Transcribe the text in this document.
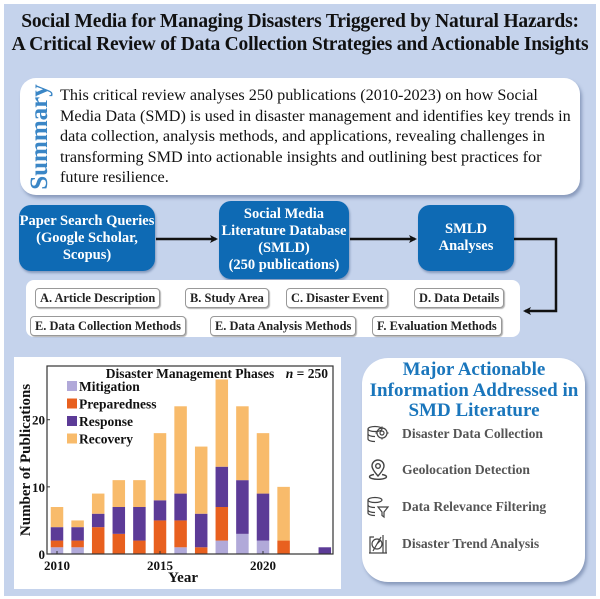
Social Media for Managing Disasters Triggered by Natural Hazards:
A Critical Review of Data Collection Strategies and Actionable Insights
Summary This critical review analyses 250 publications (2010-2023) on how Social Media Data (SMD) is used in disaster management and identifies key trends in data collection, analysis methods, and applications, revealing challenges in transforming SMD into actionable insights and outlining best practices for future resilience.
Paper Search Queries
(Google Scholar,
Scopus)
Social Media
Literature Database
(SMLD)
(250 publications)
SMLD Analyses
A. Article Description	B. Study Area	C. Disaster Event	D. Data Details
E. Data Collection Methods	E. Data Analysis Methods	F. Evaluation Methods
Disaster Management Phases n = 250
Mitigation
Preparedness
Response
Recovery
0
10
20
2010	2015	2020
Year
Number of Publications
Major Actionable
Information Addressed in
SMD Literature
Disaster Data Collection
Geolocation Detection
Data Relevance Filtering
Disaster Trend Analysis
